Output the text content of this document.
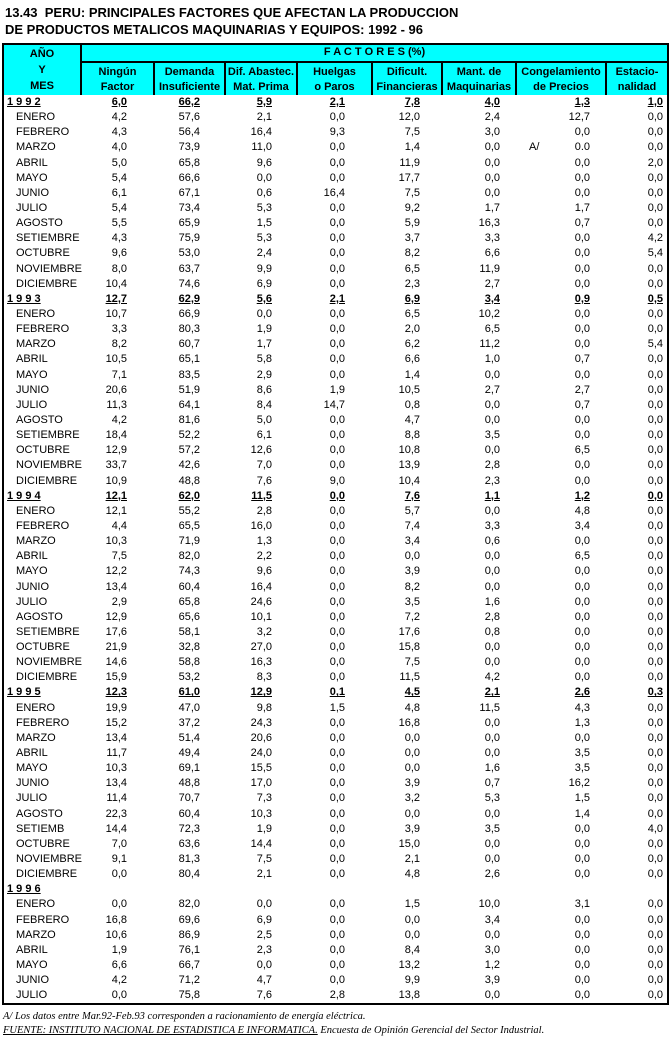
13.43  PERU: PRINCIPALES FACTORES QUE AFECTAN LA PRODUCCION
DE PRODUCTOS METALICOS MAQUINARIAS Y EQUIPOS: 1992 - 96
AÑO
Y
MES
F A C T O R E S (%)
Ningún
Factor
Demanda
Insuficiente
Dif. Abastec.
Mat. Prima
Huelgas
o Paros
Dificult.
Financieras
Mant. de
Maquinarias
Congelamiento
de Precios
Estacio-
nalidad
1 9 9 2	6,0	66,2	5,9	2,1	7,8	4,0	1,3	1,0
ENERO	4,2	57,6	2,1	0,0	12,0	2,4	12,7	0,0
FEBRERO	4,3	56,4	16,4	9,3	7,5	3,0	0,0	0,0
MARZO	4,0	73,9	11,0	0,0	1,4	0,0	A/	0.0	0,0
ABRIL	5,0	65,8	9,6	0,0	11,9	0,0	0,0	2,0
MAYO	5,4	66,6	0,0	0,0	17,7	0,0	0,0	0,0
JUNIO	6,1	67,1	0,6	16,4	7,5	0,0	0,0	0,0
JULIO	5,4	73,4	5,3	0,0	9,2	1,7	1,7	0,0
AGOSTO	5,5	65,9	1,5	0,0	5,9	16,3	0,7	0,0
SETIEMBRE	4,3	75,9	5,3	0,0	3,7	3,3	0,0	4,2
OCTUBRE	9,6	53,0	2,4	0,0	8,2	6,6	0,0	5,4
NOVIEMBRE	8,0	63,7	9,9	0,0	6,5	11,9	0,0	0,0
DICIEMBRE	10,4	74,6	6,9	0,0	2,3	2,7	0,0	0,0
1 9 9 3	12,7	62,9	5,6	2,1	6,9	3,4	0,9	0,5
ENERO	10,7	66,9	0,0	0,0	6,5	10,2	0,0	0,0
FEBRERO	3,3	80,3	1,9	0,0	2,0	6,5	0,0	0,0
MARZO	8,2	60,7	1,7	0,0	6,2	11,2	0,0	5,4
ABRIL	10,5	65,1	5,8	0,0	6,6	1,0	0,7	0,0
MAYO	7,1	83,5	2,9	0,0	1,4	0,0	0,0	0,0
JUNIO	20,6	51,9	8,6	1,9	10,5	2,7	2,7	0,0
JULIO	11,3	64,1	8,4	14,7	0,8	0,0	0,7	0,0
AGOSTO	4,2	81,6	5,0	0,0	4,7	0,0	0,0	0,0
SETIEMBRE	18,4	52,2	6,1	0,0	8,8	3,5	0,0	0,0
OCTUBRE	12,9	57,2	12,6	0,0	10,8	0,0	6,5	0,0
NOVIEMBRE	33,7	42,6	7,0	0,0	13,9	2,8	0,0	0,0
DICIEMBRE	10,9	48,8	7,6	9,0	10,4	2,3	0,0	0,0
1 9 9 4	12,1	62,0	11,5	0,0	7,6	1,1	1,2	0,0
ENERO	12,1	55,2	2,8	0,0	5,7	0,0	4,8	0,0
FEBRERO	4,4	65,5	16,0	0,0	7,4	3,3	3,4	0,0
MARZO	10,3	71,9	1,3	0,0	3,4	0,6	0,0	0,0
ABRIL	7,5	82,0	2,2	0,0	0,0	0,0	6,5	0,0
MAYO	12,2	74,3	9,6	0,0	3,9	0,0	0,0	0,0
JUNIO	13,4	60,4	16,4	0,0	8,2	0,0	0,0	0,0
JULIO	2,9	65,8	24,6	0,0	3,5	1,6	0,0	0,0
AGOSTO	12,9	65,6	10,1	0,0	7,2	2,8	0,0	0,0
SETIEMBRE	17,6	58,1	3,2	0,0	17,6	0,8	0,0	0,0
OCTUBRE	21,9	32,8	27,0	0,0	15,8	0,0	0,0	0,0
NOVIEMBRE	14,6	58,8	16,3	0,0	7,5	0,0	0,0	0,0
DICIEMBRE	15,9	53,2	8,3	0,0	11,5	4,2	0,0	0,0
1 9 9 5	12,3	61,0	12,9	0,1	4,5	2,1	2,6	0,3
ENERO	19,9	47,0	9,8	1,5	4,8	11,5	4,3	0,0
FEBRERO	15,2	37,2	24,3	0,0	16,8	0,0	1,3	0,0
MARZO	13,4	51,4	20,6	0,0	0,0	0,0	0,0	0,0
ABRIL	11,7	49,4	24,0	0,0	0,0	0,0	3,5	0,0
MAYO	10,3	69,1	15,5	0,0	0,0	1,6	3,5	0,0
JUNIO	13,4	48,8	17,0	0,0	3,9	0,7	16,2	0,0
JULIO	11,4	70,7	7,3	0,0	3,2	5,3	1,5	0,0
AGOSTO	22,3	60,4	10,3	0,0	0,0	0,0	1,4	0,0
SETIEMB	14,4	72,3	1,9	0,0	3,9	3,5	0,0	4,0
OCTUBRE	7,0	63,6	14,4	0,0	15,0	0,0	0,0	0,0
NOVIEMBRE	9,1	81,3	7,5	0,0	2,1	0,0	0,0	0,0
DICIEMBRE	0,0	80,4	2,1	0,0	4,8	2,6	0,0	0,0
1 9 9 6
ENERO	0,0	82,0	0,0	0,0	1,5	10,0	3,1	0,0
FEBRERO	16,8	69,6	6,9	0,0	0,0	3,4	0,0	0,0
MARZO	10,6	86,9	2,5	0,0	0,0	0,0	0,0	0,0
ABRIL	1,9	76,1	2,3	0,0	8,4	3,0	0,0	0,0
MAYO	6,6	66,7	0,0	0,0	13,2	1,2	0,0	0,0
JUNIO	4,2	71,2	4,7	0,0	9,9	3,9	0,0	0,0
JULIO	0,0	75,8	7,6	2,8	13,8	0,0	0,0	0,0
A/ Los datos entre Mar.92-Feb.93 corresponden a racionamiento de energía eléctrica.
FUENTE: INSTITUTO NACIONAL DE ESTADISTICA E INFORMATICA. Encuesta de Opinión Gerencial del Sector Industrial.
